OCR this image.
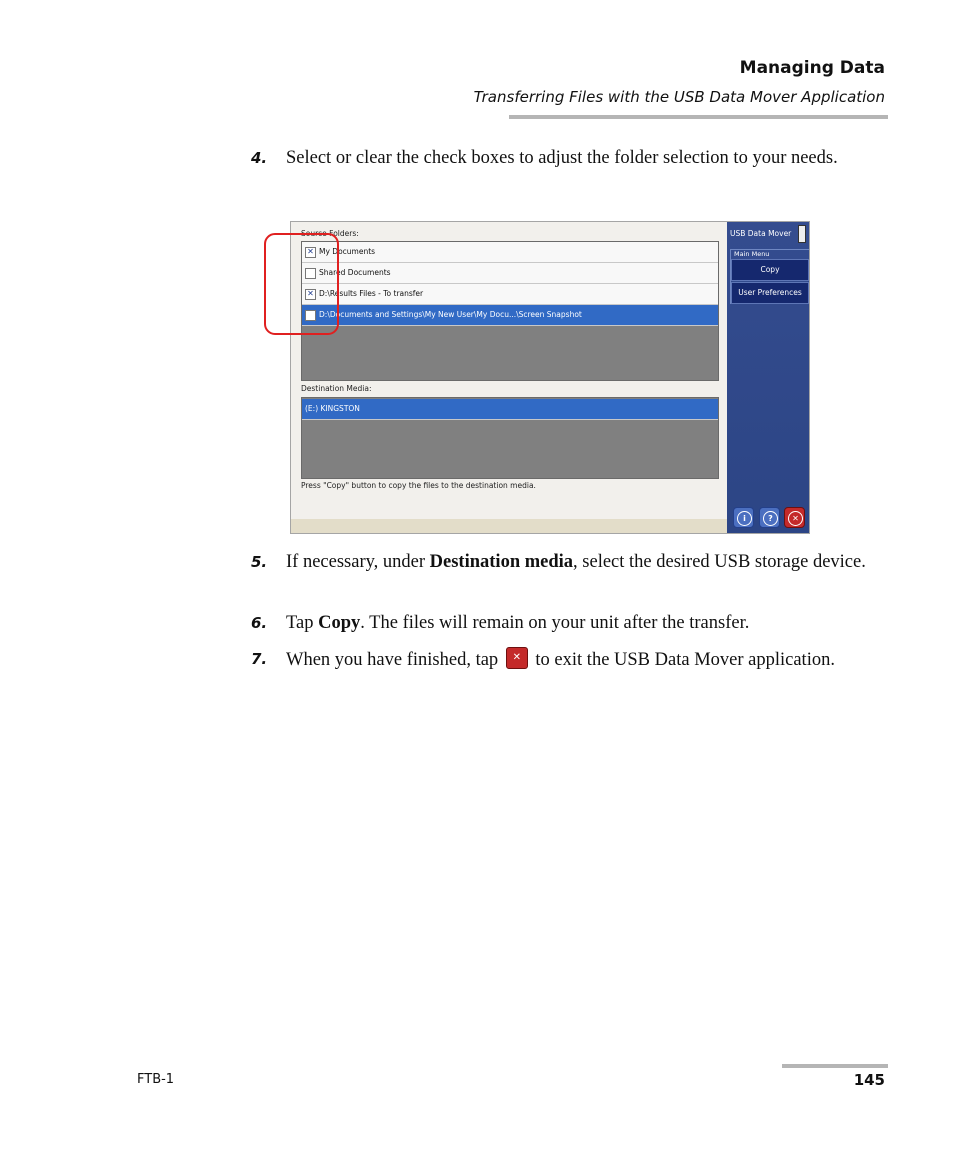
Managing Data
Transferring Files with the USB Data Mover Application
4. Select or clear the check boxes to adjust the folder selection to your needs.
Source Folders:
✕
My Documents
Shared Documents
✕
D:\Results Files - To transfer
D:\Documents and Settings\My New User\My Docu...\Screen Snapshot
Destination Media:
(E:) KINGSTON
Press "Copy" button to copy the files to the destination media.
USB Data Mover
Main Menu
Copy
User Preferences
i	?	✕
5. If necessary, under Destination media, select the desired USB storage device.
6. Tap Copy. The files will remain on your unit after the transfer.
7. When you have finished, tap ✕ to exit the USB Data Mover application.
FTB-1	145
